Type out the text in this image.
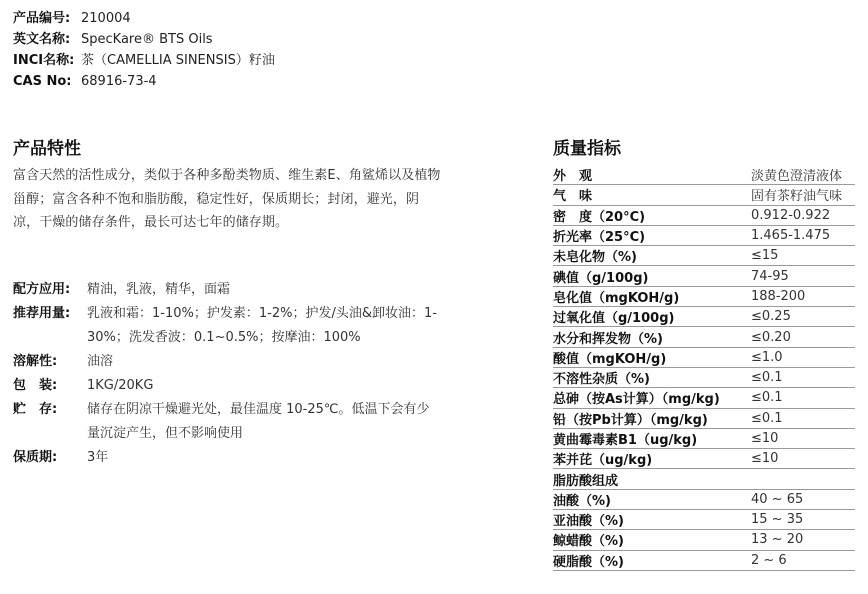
产品编号: 210004
英文名称: SpecKare® BTS Oils
INCI名称: 茶（CAMELLIA SINENSIS）籽油
CAS No: 68916-73-4
产品特性
富含天然的活性成分，类似于各种多酚类物质、维生素E、角鲨烯以及植物甾醇；富含各种不饱和脂肪酸，稳定性好，保质期长；封闭，避光，阴凉，干燥的储存条件，最长可达七年的储存期。
配方应用:	精油，乳液，精华，面霜
推荐用量:	乳液和霜：1-10%；护发素：1-2%；护发/头油&卸妆油：1-30%；洗发香波：0.1~0.5%；按摩油：100%
溶解性:	油溶
包　装:	1KG/20KG
贮　存:	储存在阴凉干燥避光处，最佳温度 10-25℃。低温下会有少量沉淀产生，但不影响使用
保质期:	3年
质量指标
外　观	淡黄色澄清液体
气　味	固有茶籽油气味
密　度（20°C)	0.912-0.922
折光率（25°C)	1.465-1.475
未皂化物（%)	≤15
碘值（g/100g)	74-95
皂化值（mgKOH/g)	188-200
过氧化值（g/100g)	≤0.25
水分和挥发物（%)	≤0.20
酸值（mgKOH/g)	≤1.0
不溶性杂质（%)	≤0.1
总砷（按As计算）（mg/kg)	≤0.1
铅（按Pb计算）（mg/kg)	≤0.1
黄曲霉毒素B1（ug/kg)	≤10
苯并芘（ug/kg)	≤10
脂肪酸组成	
油酸（%)	40 ~ 65
亚油酸（%)	15 ~ 35
鲸蜡酸（%)	13 ~ 20
硬脂酸（%)	2 ~ 6
